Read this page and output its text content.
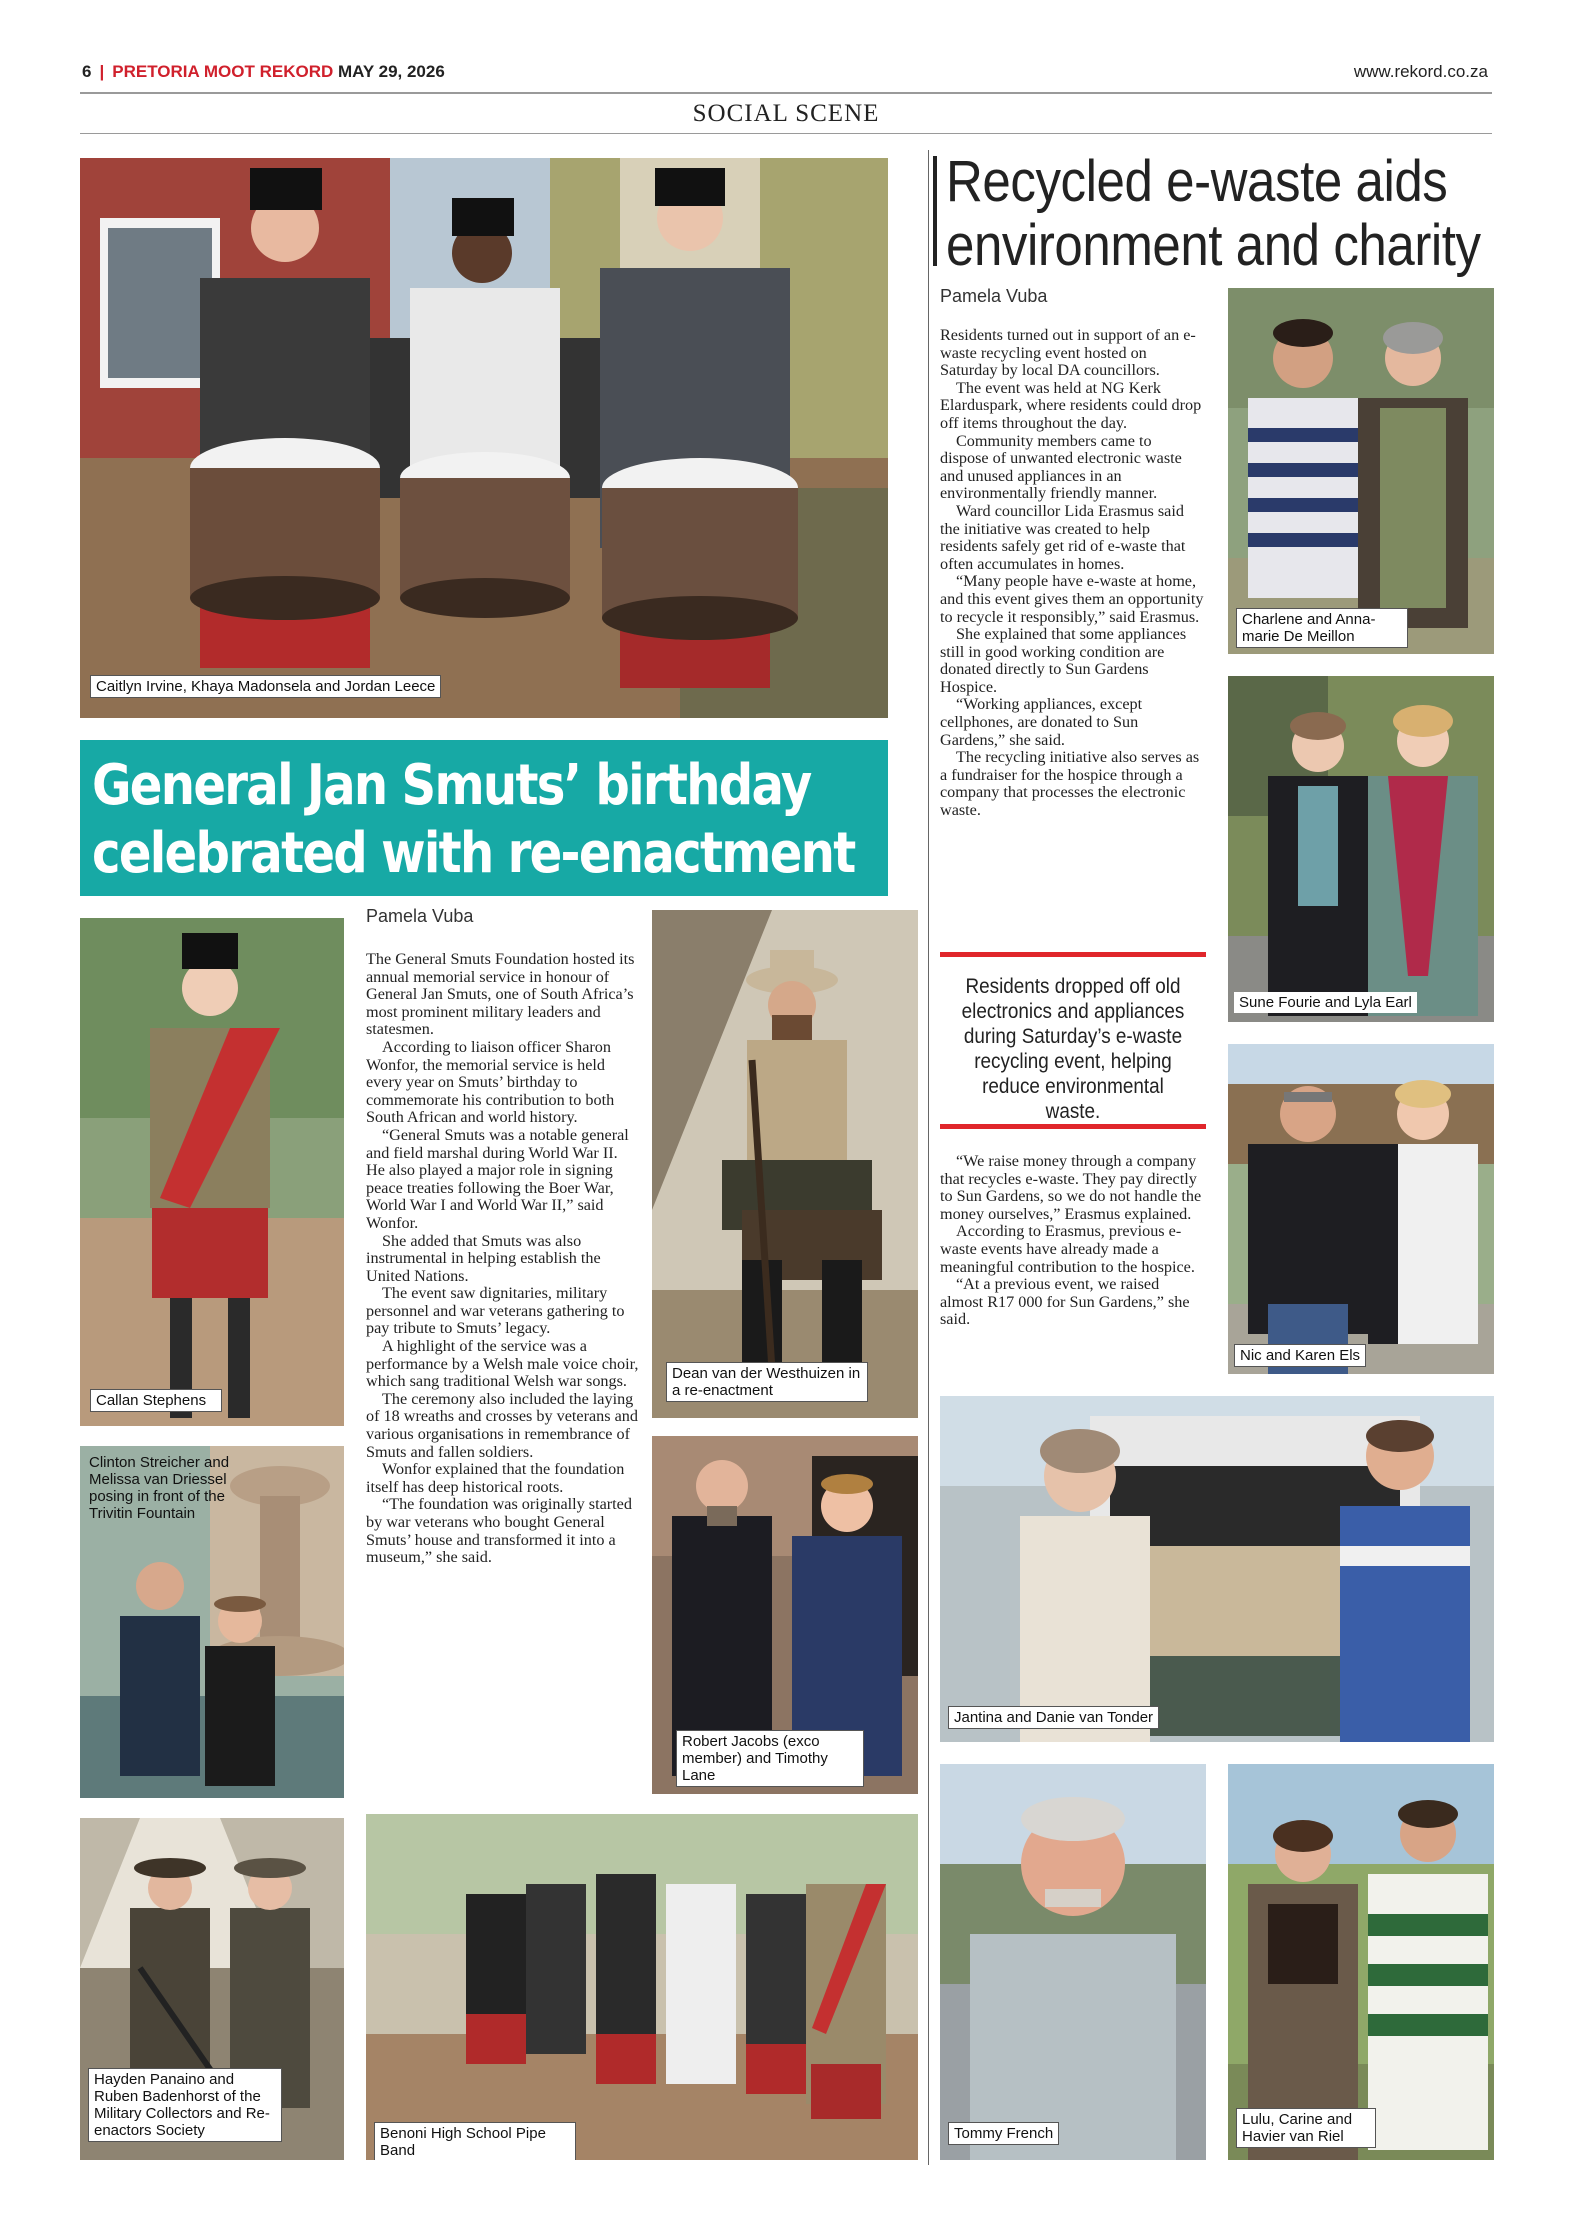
6 | PRETORIA MOOT REKORD MAY 29, 2026	www.rekord.co.za
SOCIAL SCENE
Caitlyn Irvine, Khaya Madonsela and Jordan Leece
General Jan Smuts’ birthday
celebrated with re-enactment
Callan Stephens
Clinton Streicher and Melissa van Driessel posing in front of the Trivitin Fountain
Hayden Panaino and Ruben Badenhorst of the Military Collectors and Re-enactors Society
Pamela Vuba

The General Smuts Foundation hosted its annual memorial service in honour of General Jan Smuts, one of South Africa’s most prominent military leaders and statesmen.

According to liaison officer Sharon Wonfor, the memorial service is held every year on Smuts’ birthday to commemorate his contribution to both South African and world history.

“General Smuts was a notable general and field marshal during World War II. He also played a major role in signing peace treaties following the Boer War, World War I and World War II,” said Wonfor.

She added that Smuts was also instrumental in helping establish the United Nations.

The event saw dignitaries, military personnel and war veterans gathering to pay tribute to Smuts’ legacy.

A highlight of the service was a performance by a Welsh male voice choir, which sang traditional Welsh war songs.

The ceremony also included the laying of 18 wreaths and crosses by veterans and various organisations in remembrance of Smuts and fallen soldiers.

Wonfor explained that the foundation itself has deep historical roots.

“The foundation was originally started by war veterans who bought General Smuts’ house and transformed it into a museum,” she said.

Dean van der Westhuizen in a re-enactment
Robert Jacobs (exco member) and Timothy Lane
Benoni High School Pipe Band
Recycled e-waste aids
environment and charity
Pamela Vuba

Residents turned out in support of an e-waste recycling event hosted on Saturday by local DA councillors.

The event was held at NG Kerk Elarduspark, where residents could drop off items throughout the day.

Community members came to dispose of unwanted electronic waste and unused appliances in an environmentally friendly manner.

Ward councillor Lida Erasmus said the initiative was created to help residents safely get rid of e-waste that often accumulates in homes.

“Many people have e-waste at home, and this event gives them an opportunity to recycle it responsibly,” said Erasmus.

She explained that some appliances still in good working condition are donated directly to Sun Gardens Hospice.

“Working appliances, except cellphones, are donated to Sun Gardens,” she said.

The recycling initiative also serves as a fundraiser for the hospice through a company that processes the electronic waste.

Residents dropped off old electronics and appliances during Saturday’s e-waste recycling event, helping reduce environmental waste.

“We raise money through a company that recycles e-waste. They pay directly to Sun Gardens, so we do not handle the money ourselves,” Erasmus explained.

According to Erasmus, previous e-waste events have already made a meaningful contribution to the hospice.

“At a previous event, we raised almost R17 000 for Sun Gardens,” she said.

Charlene and Anna-marie De Meillon
Sune Fourie and Lyla Earl
Nic and Karen Els
Jantina and Danie van Tonder
Tommy French
Lulu, Carine and Havier van Riel
